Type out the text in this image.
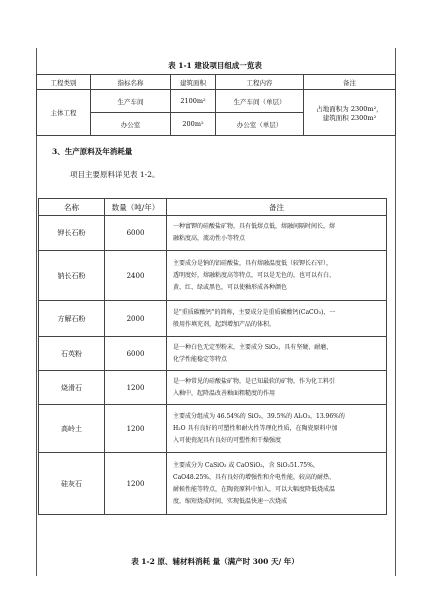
表 1-1 建设项目组成一览表
工程类别	指标名称	建筑面积	工程内容	备注
主体工程	生产车间	2100m²	生产车间（单层）	占地面积为 2300m²，
建筑面积 2300m²

	办公室	200m²	办公室（单层）	
3、生产原料及年消耗量
项目主要原料详见表 1-2。
名称	数量（吨/年）	备注
钾长石粉	6000	一种富钾的硅酸盐矿物，具有低熔点低，熔融间隔时间长，熔
融粘度高，流动性小等特点

钠长石粉	2400	主要成分是钠的铝硅酸盐，具有熔融温度低（较钾长石窄），
透明度好，熔融粘度高等特点，可以是无色的，也可以有白、
黄、红、绿或黑色，可以使釉形成各种颜色

方解石粉	2000	是"重质碳酸钙"的简称，主要成分是重质碳酸钙(CaCO₃)，一
般用作填充剂，起到增加产品的体积。

石英粉	6000	是一种白色无定型粉末，主要成分 SiO₂，具有坚硬、耐磨、
化学性能稳定等特点

烧滑石	1200	是一种常见的硅酸盐矿物，是已知最软的矿物，作为化工料引
入釉中，起降温改善釉面粗糙度的作用

高岭土	1200	主要成分组成为 46.54%的 SiO₂，39.5%的 Al₂O₃，13.96%的
H₂O 具有良好的可塑性和耐火性等理化性质，在陶瓷原料中加
入可使瓷泥具有良好的可塑性和干燥强度

硅灰石	1200	主要成分为 CaSiO₃ 或 CaOSiO₂，含 SiO₂51.75%，
CaO48.25%，具有良好的增强性和介电性能，较高的耐热、
耐候性能等特点，在陶瓷原料中加入，可以大幅度降低烧成温
度，缩短烧成时间，实现低温快速一次烧成
表 1-2 原、辅材料消耗 量（满产时 300 天/ 年）
